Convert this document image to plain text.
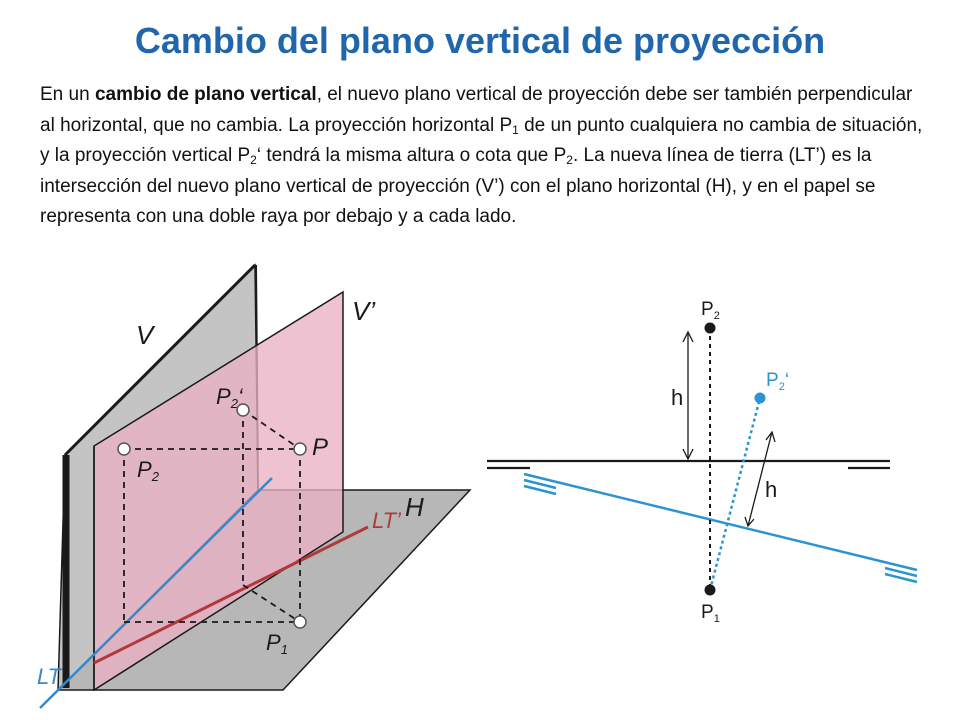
Cambio del plano vertical de proyección

En un cambio de plano vertical, el nuevo plano vertical de proyección debe ser también perpendicular al horizontal, que no cambia. La proyección horizontal $P_1$ de un punto cualquiera no cambia de situación, y la proyección vertical $P_2‘$ tendrá la misma altura o cota que $P_2$. La nueva línea de tierra (LT’) es la intersección del nuevo plano vertical de proyección (V’) con el plano horizontal (H), y en el papel se representa con una doble raya por debajo y a cada lado.

V
V’
P2‘
P
P2
H
LT’
P1
LT
$P_2$
h
$P_2‘$
h
$P_1$
